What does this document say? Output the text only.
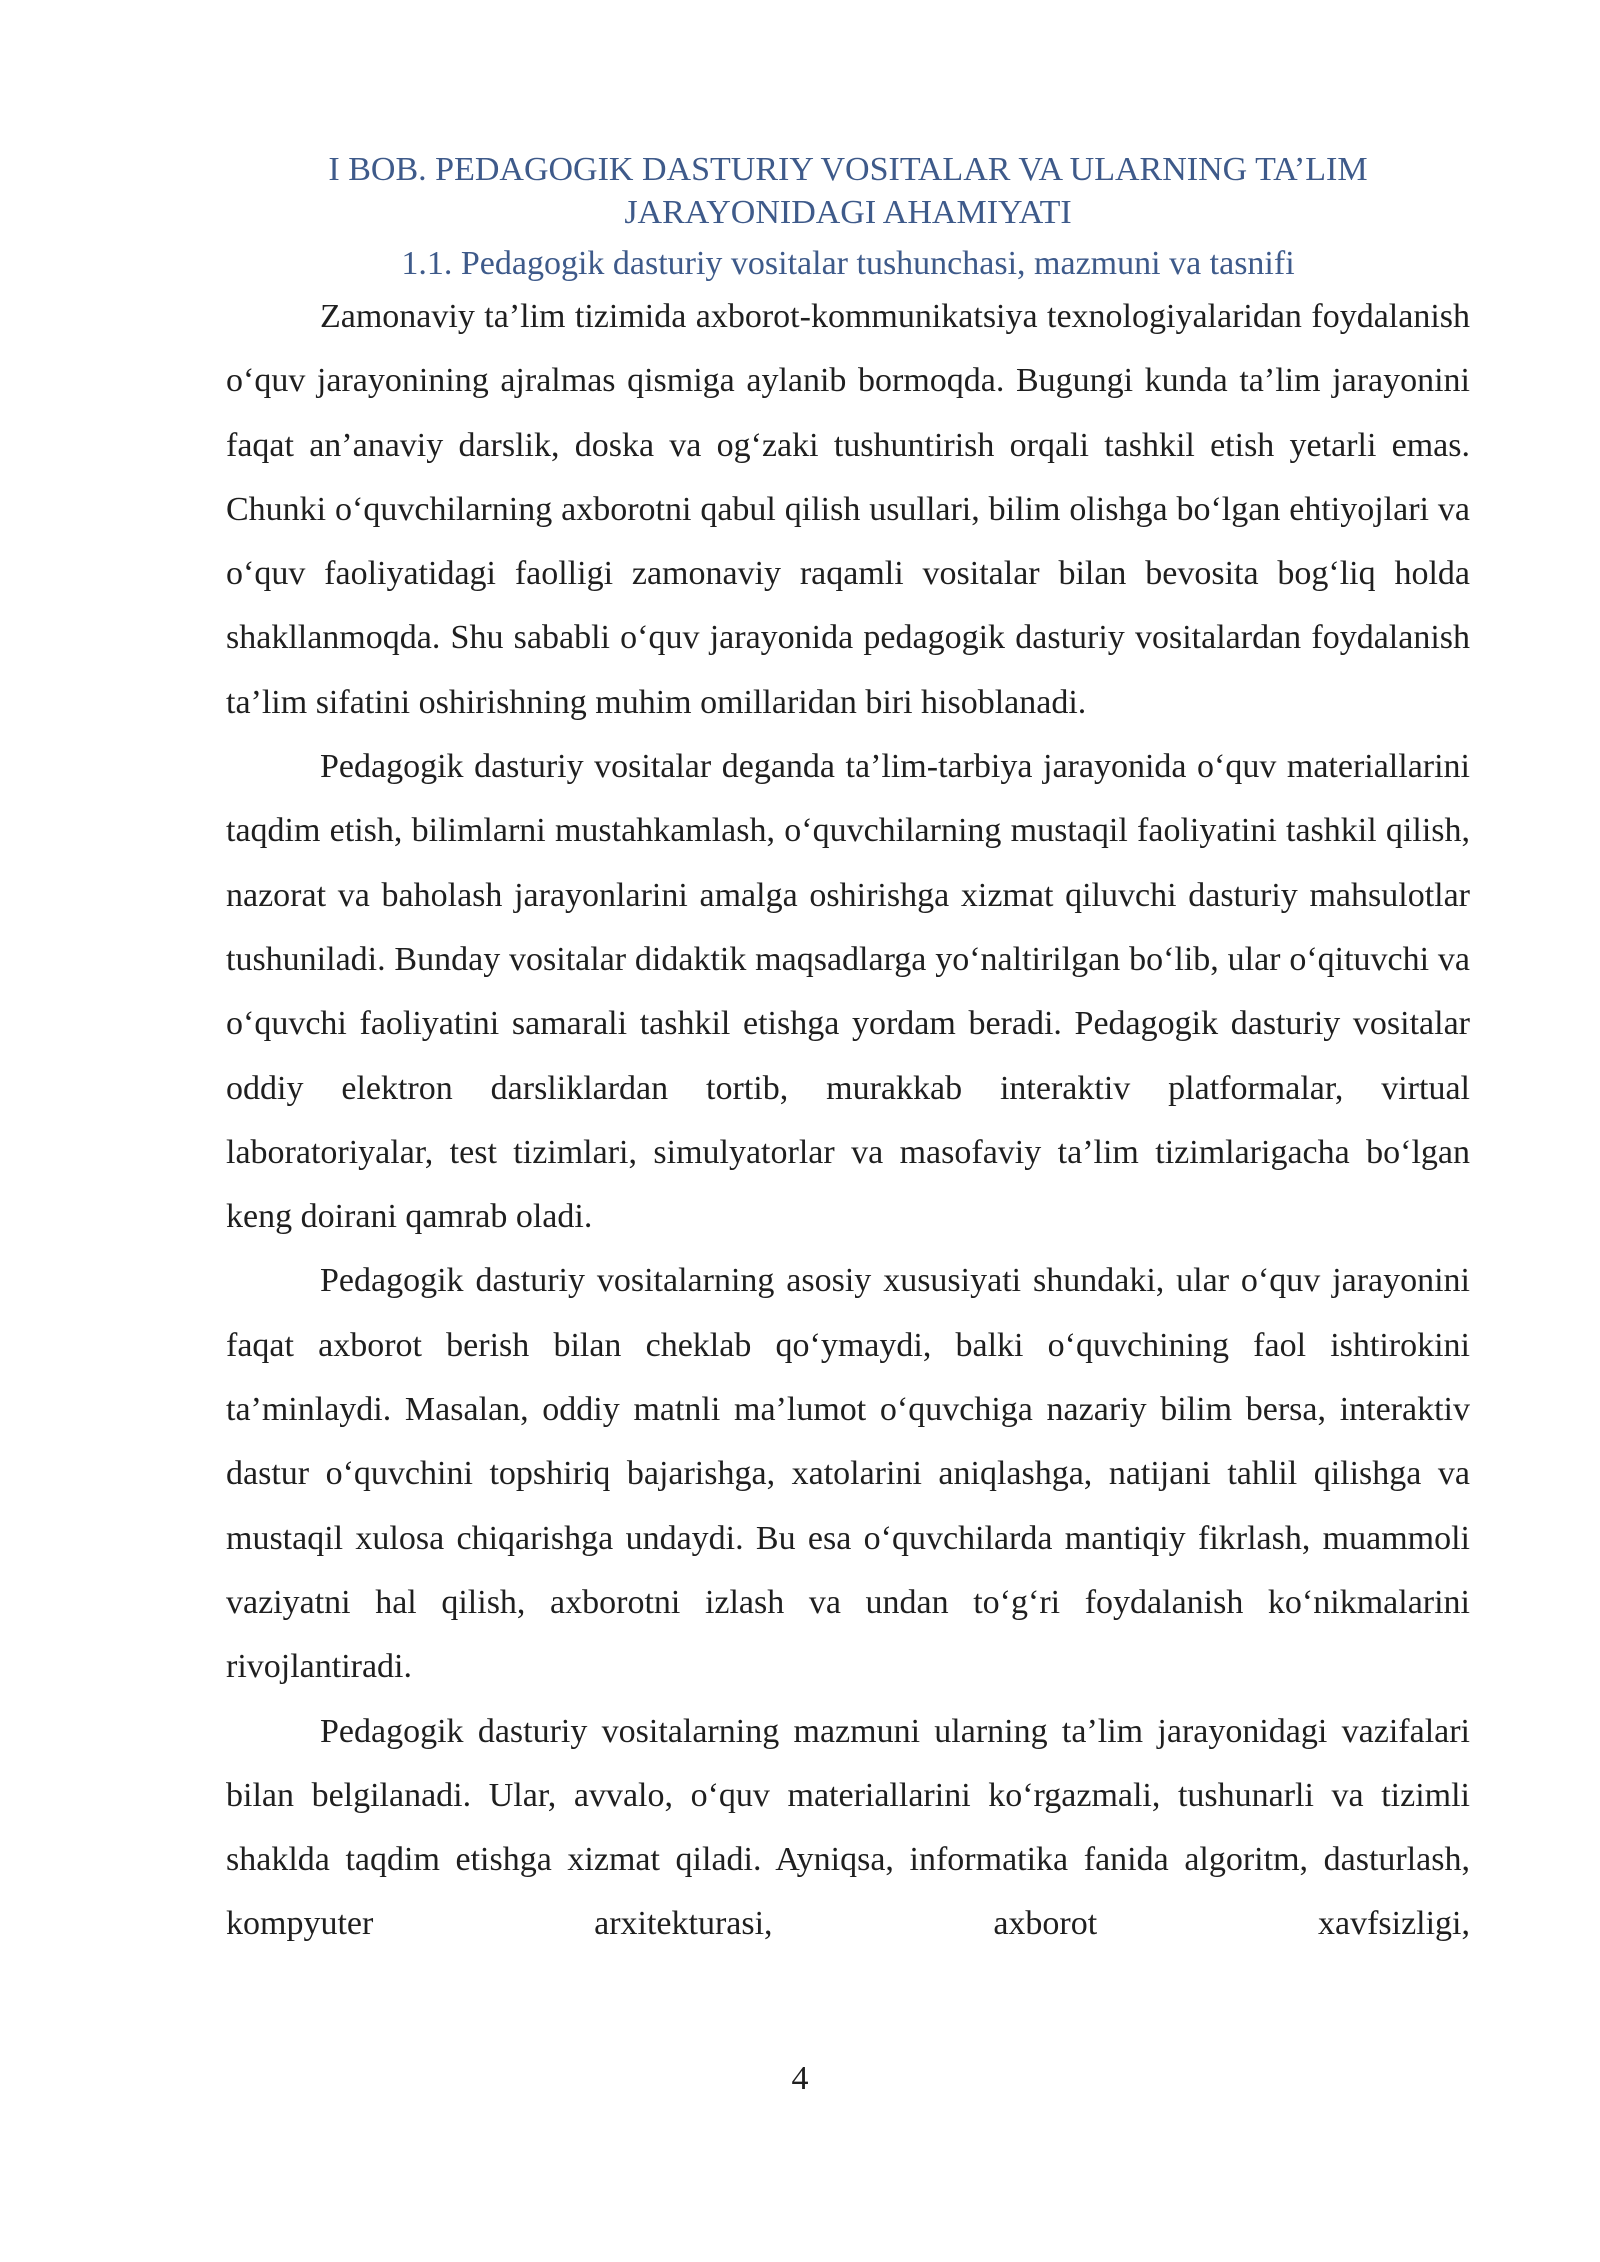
I BOB. PEDAGOGIK DASTURIY VOSITALAR VA ULARNING TA’LIM JARAYONIDAGI AHAMIYATI
1.1. Pedagogik dasturiy vositalar tushunchasi, mazmuni va tasnifi

Zamonaviy ta’lim tizimida axborot-kommunikatsiya texnologiyalaridan foydalanish o‘quv jarayonining ajralmas qismiga aylanib bormoqda. Bugungi kunda ta’lim jarayonini faqat an’anaviy darslik, doska va og‘zaki tushuntirish orqali tashkil etish yetarli emas. Chunki o‘quvchilarning axborotni qabul qilish usullari, bilim olishga bo‘lgan ehtiyojlari va o‘quv faoliyatidagi faolligi zamonaviy raqamli vositalar bilan bevosita bog‘liq holda shakllanmoqda. Shu sababli o‘quv jarayonida pedagogik dasturiy vositalardan foydalanish ta’lim sifatini oshirishning muhim omillaridan biri hisoblanadi.

Pedagogik dasturiy vositalar deganda ta’lim-tarbiya jarayonida o‘quv materiallarini taqdim etish, bilimlarni mustahkamlash, o‘quvchilarning mustaqil faoliyatini tashkil qilish, nazorat va baholash jarayonlarini amalga oshirishga xizmat qiluvchi dasturiy mahsulotlar tushuniladi. Bunday vositalar didaktik maqsadlarga yo‘naltirilgan bo‘lib, ular o‘qituvchi va o‘quvchi faoliyatini samarali tashkil etishga yordam beradi. Pedagogik dasturiy vositalar oddiy elektron darsliklardan tortib, murakkab interaktiv platformalar, virtual laboratoriyalar, test tizimlari, simulyatorlar va masofaviy ta’lim tizimlarigacha bo‘lgan keng doirani qamrab oladi.

Pedagogik dasturiy vositalarning asosiy xususiyati shundaki, ular o‘quv jarayonini faqat axborot berish bilan cheklab qo‘ymaydi, balki o‘quvchining faol ishtirokini ta’minlaydi. Masalan, oddiy matnli ma’lumot o‘quvchiga nazariy bilim bersa, interaktiv dastur o‘quvchini topshiriq bajarishga, xatolarini aniqlashga, natijani tahlil qilishga va mustaqil xulosa chiqarishga undaydi. Bu esa o‘quvchilarda mantiqiy fikrlash, muammoli vaziyatni hal qilish, axborotni izlash va undan to‘g‘ri foydalanish ko‘nikmalarini rivojlantiradi.

Pedagogik dasturiy vositalarning mazmuni ularning ta’lim jarayonidagi vazifalari bilan belgilanadi. Ular, avvalo, o‘quv materiallarini ko‘rgazmali, tushunarli va tizimli shaklda taqdim etishga xizmat qiladi. Ayniqsa, informatika fanida algoritm, dasturlash, kompyuter arxitekturasi, axborot xavfsizligi,

4
